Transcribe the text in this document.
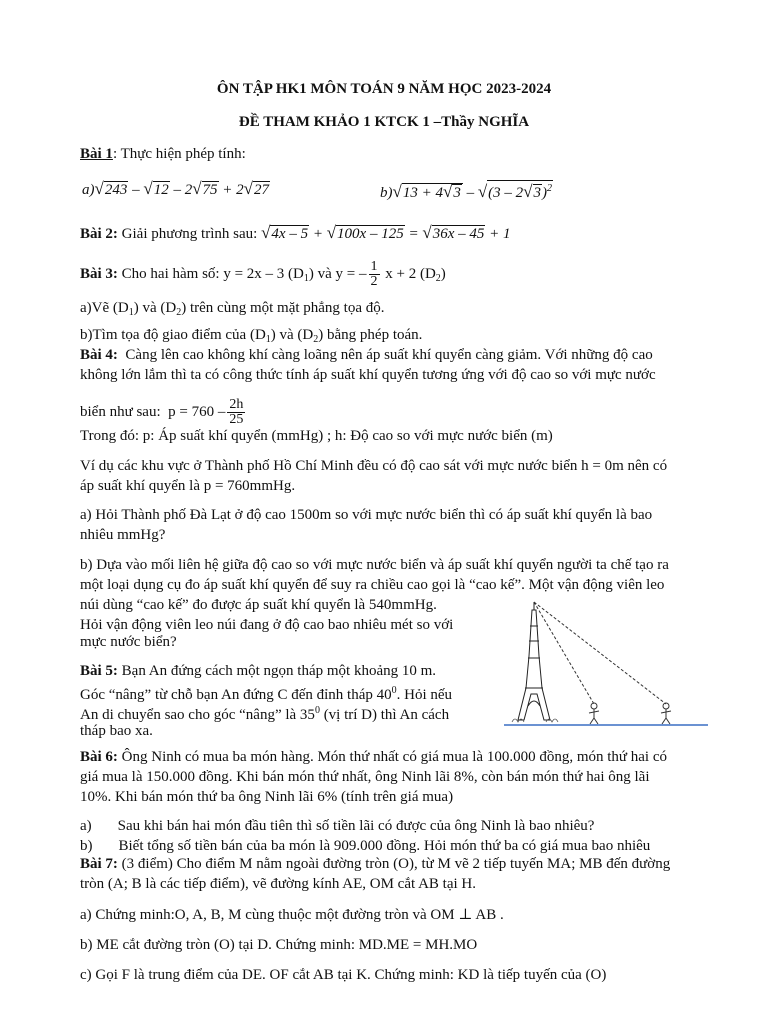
ÔN TẬP HK1 MÔN TOÁN 9 NĂM HỌC 2023-2024
ĐỀ THAM KHẢO 1 KTCK 1 –Thầy NGHĨA
Bài 1: Thực hiện phép tính:
a)√243 – √12 – 2√75 + 2√27	b)√13 + 4√3 – √(3 – 2√3)$^2$
Bài 2: Giải phương trình sau: √4x – 5 + √100x – 125 = √36x – 45 + 1
Bài 3: Cho hai hàm số: y = 2x – 3 $(D_1)$ và y = – $\frac{1}{2}$ x + 2 $(D_2)$
a)Vẽ $(D_1)$ và $(D_2)$ trên cùng một mặt phẳng tọa độ.
b)Tìm tọa độ giao điểm của $(D_1)$ và $(D_2)$ bằng phép toán.
Bài 4: Càng lên cao không khí càng loãng nên áp suất khí quyển càng giảm. Với những độ cao
không lớn lắm thì ta có công thức tính áp suất khí quyển tương ứng với độ cao so với mực nước
biển như sau: $p = 760 - \frac{2h}{25}$
Trong đó: p: Áp suất khí quyển (mmHg) ; h: Độ cao so với mực nước biển (m)
Ví dụ các khu vực ở Thành phố Hồ Chí Minh đều có độ cao sát với mực nước biển h = 0m nên có
áp suất khí quyển là p = 760mmHg.
a) Hỏi Thành phố Đà Lạt ở độ cao 1500m so với mực nước biển thì có áp suất khí quyển là bao
nhiêu mmHg?
b) Dựa vào mối liên hệ giữa độ cao so với mực nước biển và áp suất khí quyển người ta chế tạo ra
một loại dụng cụ đo áp suất khí quyển để suy ra chiều cao gọi là “cao kế”. Một vận động viên leo
núi dùng “cao kế” đo được áp suất khí quyển là 540mmHg.
Hỏi vận động viên leo núi đang ở độ cao bao nhiêu mét so với
mực nước biển?
Bài 5: Bạn An đứng cách một ngọn tháp một khoảng 10 m.
Góc “nâng” từ chỗ bạn An đứng C đến đỉnh tháp $40^0$. Hỏi nếu
An di chuyển sao cho góc “nâng” là $35^0$ (vị trí D) thì An cách
tháp bao xa.
Bài 6: Ông Ninh có mua ba món hàng. Món thứ nhất có giá mua là 100.000 đồng, món thứ hai có
giá mua là 150.000 đồng. Khi bán món thứ nhất, ông Ninh lãi 8%, còn bán món thứ hai ông lãi
10%. Khi bán món thứ ba ông Ninh lãi 6% (tính trên giá mua)
a) Sau khi bán hai món đầu tiên thì số tiền lãi có được của ông Ninh là bao nhiêu?
b) Biết tổng số tiền bán của ba món là 909.000 đồng. Hỏi món thứ ba có giá mua bao nhiêu
Bài 7: (3 điểm) Cho điểm M nằm ngoài đường tròn (O), từ M vẽ 2 tiếp tuyến MA; MB đến đường
tròn (A; B là các tiếp điểm), vẽ đường kính AE, OM cắt AB tại H.
a) Chứng minh:O, A, B, M cùng thuộc một đường tròn và OM ⊥ AB .
b) ME cắt đường tròn (O) tại D. Chứng minh: MD.ME = MH.MO
c) Gọi F là trung điểm của DE. OF cắt AB tại K. Chứng minh: KD là tiếp tuyến của (O)
